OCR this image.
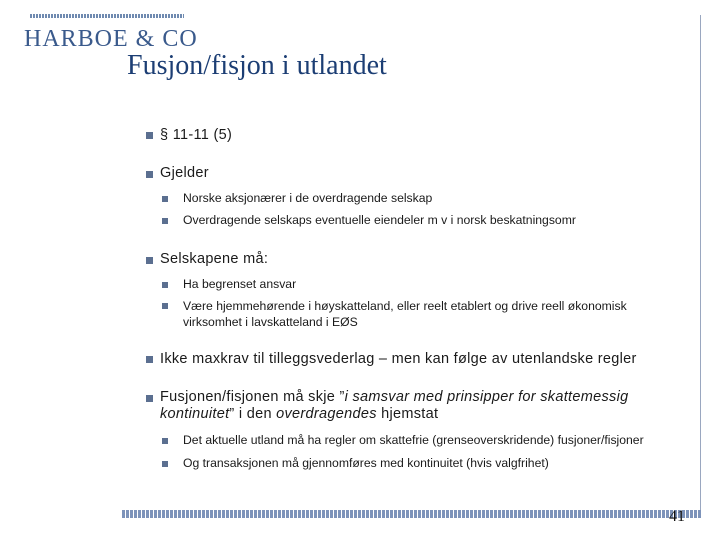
HARBOE & CO
Fusjon/fisjon i utlandet
§ 11-11 (5)
Gjelder
Norske aksjonærer i de overdragende selskap
Overdragende selskaps eventuelle eiendeler m v i norsk beskatningsomr
Selskapene må:
Ha begrenset ansvar
Være hjemmehørende i høyskatteland, eller reelt etablert og drive reell økonomisk
virksomhet i lavskatteland i EØS
Ikke maxkrav til tilleggsvederlag – men kan følge av utenlandske regler
Fusjonen/fisjonen må skje ”i samsvar med prinsipper for skattemessig
kontinuitet” i den overdragendes hjemstat
Det aktuelle utland må ha regler om skattefrie (grenseoverskridende) fusjoner/fisjoner
Og transaksjonen må gjennomføres med kontinuitet (hvis valgfrihet)
41
